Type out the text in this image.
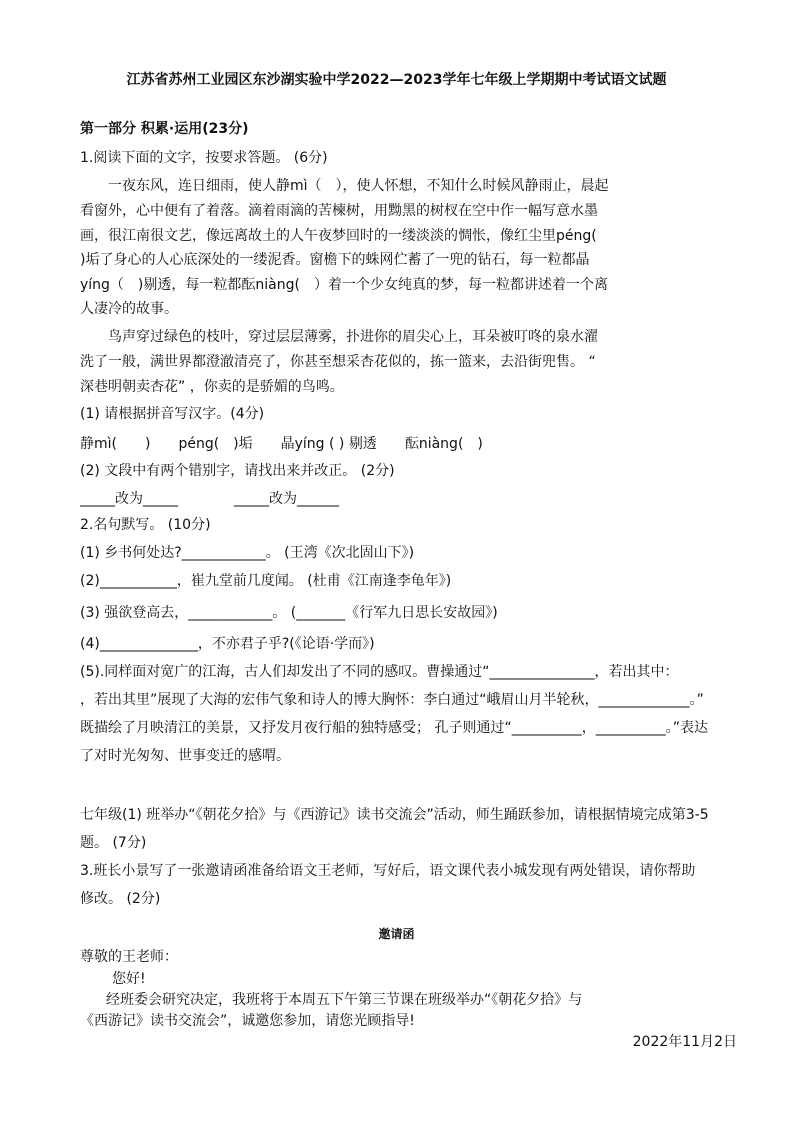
江苏省苏州工业园区东沙湖实验中学2022—2023学年七年级上学期期中考试语文试题
第一部分 积累·运用(23分)
1.阅读下面的文字，按要求答题。 (6分)
　　一夜东风，连日细雨，使人静mì（　），使人怀想，不知什么时候风静雨止，晨起
看窗外，心中便有了着落。滴着雨滴的苦楝树，用黝黑的树杈在空中作一幅写意水墨
画，很江南很文艺，像远离故土的人午夜梦回时的一缕淡淡的惆怅，像红尘里péng(
)垢了身心的人心底深处的一缕泥香。窗檐下的蛛网伫蓄了一兜的钻石，每一粒都晶
yíng（　)剔透，每一粒都酝niàng(　）着一个少女纯真的梦，每一粒都讲述着一个离
人凄冷的故事。
　　鸟声穿过绿色的枝叶，穿过层层薄雾，扑进你的眉尖心上，耳朵被叮咚的泉水濯
洗了一般，满世界都澄澈清亮了，你甚至想采杏花似的，拣一篮来，去沿街兜售。 “
深巷明朝卖杏花” ，你卖的是骄媚的鸟鸣。
(1) 请根据拼音写汉字。(4分)
静mì(　　)　　péng(　)垢　　晶yíng ( ) 剔透　　酝niàng(　)
(2) 文段中有两个错别字，请找出来并改正。 (2分)
_____改为_____　　　　_____改为______
2.名句默写。 (10分)
(1) 乡书何处达?____________。 (王湾《次北固山下》)
(2)___________，崔九堂前几度闻。 (杜甫《江南逢李龟年》)
(3) 强欲登高去，____________。 (_______《行军九日思长安故园》)
(4)______________，不亦君子乎?(《论语·学而》)
(5).同样面对宽广的江海，古人们却发出了不同的感叹。曹操通过“_______________，若出其中：
，若出其里”展现了大海的宏伟气象和诗人的博大胸怀：李白通过“峨眉山月半轮秋，_____________。”
既描绘了月映清江的美景，又抒发月夜行船的独特感受； 孔子则通过“__________，__________。”表达
了对时光匆匆、世事变迁的感喟。
七年级(1) 班举办“《朝花夕拾》与《西游记》读书交流会”活动，师生踊跃参加，请根据情境完成第3-5
题。 (7分)
3.班长小景写了一张邀请函准备给语文王老师，写好后，语文课代表小城发现有两处错误，请你帮助
修改。 (2分)
邀请函
尊敬的王老师：
您好!
经班委会研究决定，我班将于本周五下午第三节课在班级举办“《朝花夕拾》与
《西游记》读书交流会”，诚邀您参加，请您光顾指导!
2022年11月2日
